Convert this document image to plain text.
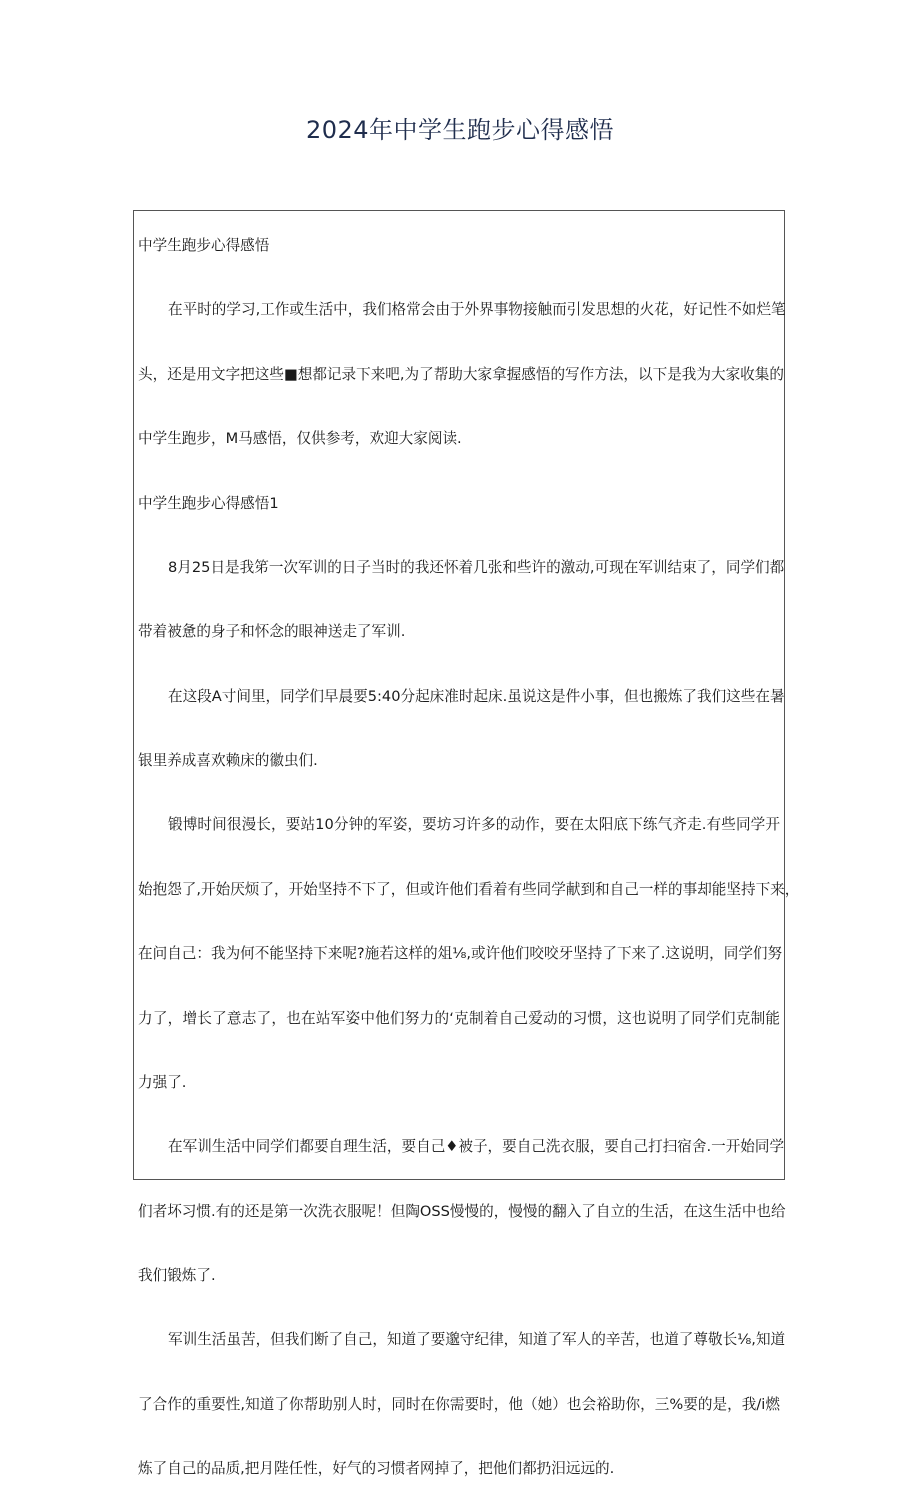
2024年中学生跑步心得感悟
中学生跑步心得感悟
在平时的学习,工作或生活中，我们格常会由于外界事物接触而引发思想的火花，好记性不如烂笔
头，还是用文字把这些■想都记录下来吧,为了帮助大家拿握感悟的写作方法，以下是我为大家收集的
中学生跑步，M马感悟，仅供参考，欢迎大家阅读.
中学生跑步心得感悟1
8月25日是我笫一次军训的日子当时的我还怀着几张和些许的激动,可现在军训结束了，同学们都
带着被惫的身子和怀念的眼神送走了军训.
在这段A寸间里，同学们早晨要5:40分起床准时起床.虽说这是件小事，但也搬炼了我们这些在暑
银里养成喜欢赖床的徽虫们.
锻博时间很漫长，要站10分钟的军姿，要坊习许多的动作，要在太阳底下练气齐走.有些同学开
始抱怨了,开始厌烦了，开始坚持不下了，但或许他们看着有些同学献到和自己一样的事却能坚持下来，
在问自己：我为何不能坚持下来呢?施若这样的俎⅛,或许他们咬咬牙坚持了下来了.这说明，同学们努
力了，增长了意志了，也在站军姿中他们努力的‘克制着自己爱动的习惯，这也说明了同学们克制能
力强了.
在军训生活中同学们都要自理生活，要自己♦被子，要自己洗衣服，要自己打扫宿舍.一开始同学
们者坏习惯.有的还是第一次洗衣服呢！但陶OSS慢慢的，慢慢的翻入了自立的生活，在这生活中也给
我们锻炼了.
军训生活虽苦，但我们断了自己，知道了要邈守纪律，知道了军人的辛苦，也道了尊敬长⅛,知道
了合作的重要性,知道了你帮助别人时，同时在你需要时，他（她）也会裕助你，三%要的是，我/i燃
炼了自己的品质,把月陛任性，好气的习惯者网掉了，把他们都扔汨远远的.
